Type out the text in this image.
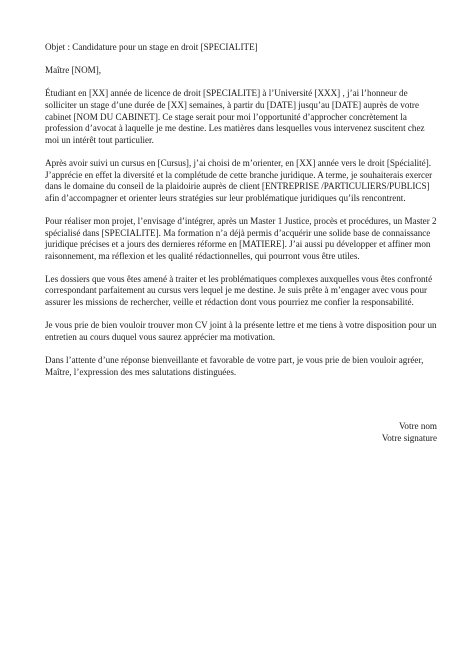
Objet : Candidature pour un stage en droit [SPECIALITE]

Maître [NOM],

Étudiant en [XX] année de licence de droit [SPECIALITE] à l’Université [XXX] , j’ai l’honneur de solliciter un stage d’une durée de [XX] semaines, à partir du [DATE] jusqu’au [DATE] auprès de votre cabinet [NOM DU CABINET]. Ce stage serait pour moi l’opportunité d’approcher concrètement la profession d’avocat à laquelle je me destine. Les matières dans lesquelles vous intervenez suscitent chez moi un intérêt tout particulier.

Après avoir suivi un cursus en [Cursus], j’ai choisi de m’orienter, en [XX] année vers le droit [Spécialité]. J’apprécie en effet la diversité et la complétude de cette branche juridique. A terme, je souhaiterais exercer dans le domaine du conseil de la plaidoirie auprès de client [ENTREPRISE /PARTICULIERS/PUBLICS] afin d’accompagner et orienter leurs stratégies sur leur problématique juridiques qu’ils rencontrent.

Pour réaliser mon projet, l’envisage d’intégrer, après un Master 1 Justice, procès et procédures, un Master 2 spécialisé dans [SPECIALITE]. Ma formation n’a déjà permis d’acquérir une solide base de connaissance juridique précises et a jours des dernieres réforme en [MATIERE]. J’ai aussi pu développer et affiner mon raisonnement, ma réflexion et les qualité rédactionnelles, qui pourront vous être utiles.

Les dossiers que vous êtes amené à traiter et les problématiques complexes auxquelles vous êtes confronté correspondant parfaitement au cursus vers lequel je me destine. Je suis prête à m’engager avec vous pour assurer les missions de rechercher, veille et rédaction dont vous pourriez me confier la responsabilité.

Je vous prie de bien vouloir trouver mon CV joint à la présente lettre et me tiens à votre disposition pour un entretien au cours duquel vous saurez apprécier ma motivation.

Dans l’attente d’une réponse bienveillante et favorable de votre part, je vous prie de bien vouloir agréer, Maître, l’expression des mes salutations distinguées.

Votre nom
Votre signature
